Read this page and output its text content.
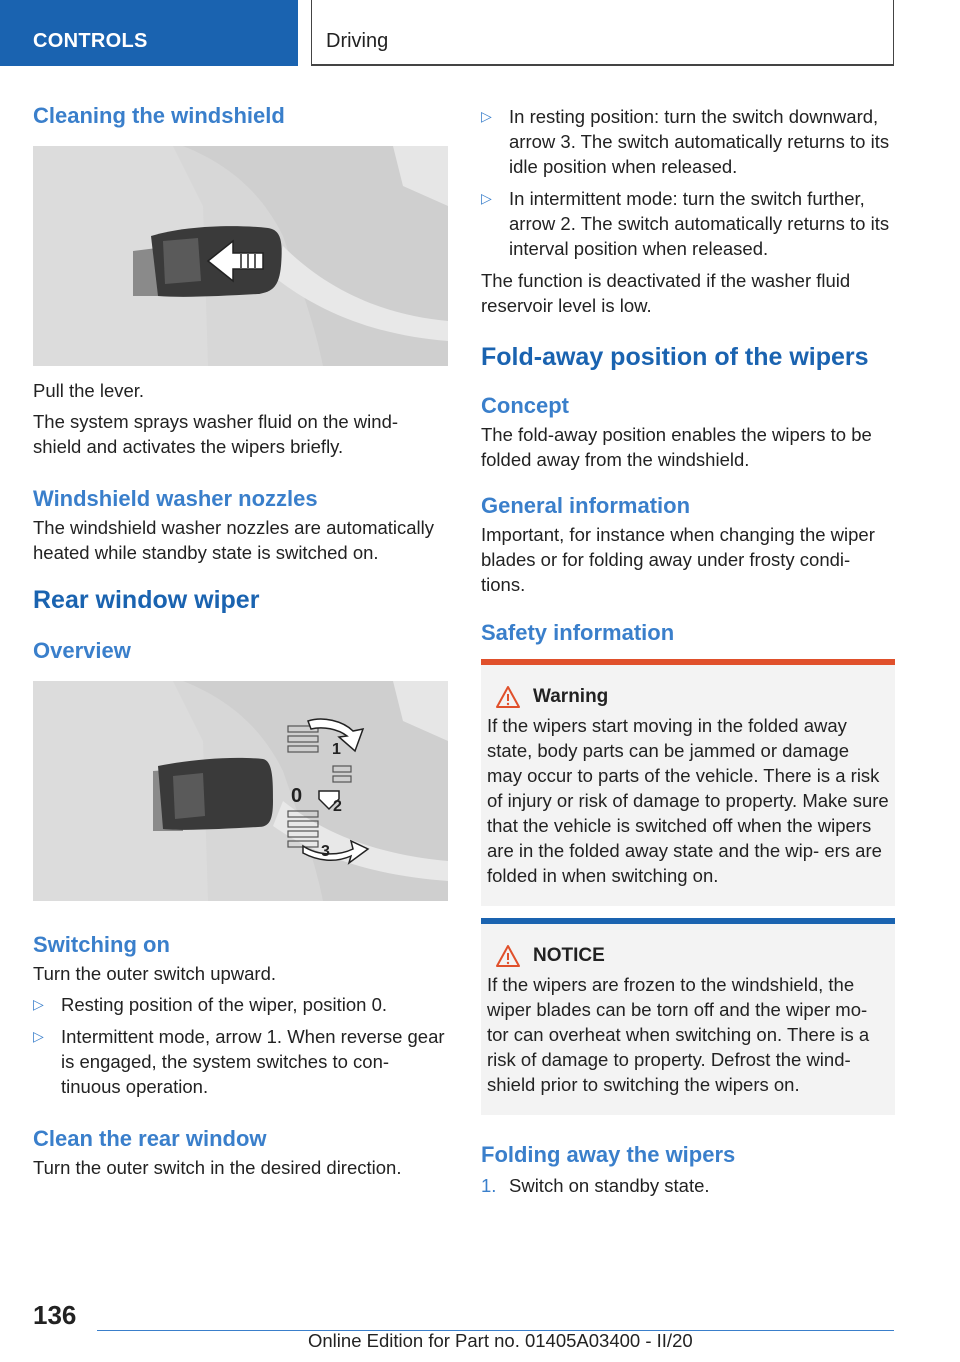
CONTROLS	Driving
Cleaning the windshield

Pull the lever.

The system sprays washer fluid on the wind‐ shield and activates the wipers briefly.

Windshield washer nozzles

The windshield washer nozzles are automatically heated while standby state is switched on.

Rear window wiper
Overview
1
0 2
3
Switching on

Turn the outer switch upward.

▷ Resting position of the wiper, position 0.
▷ Intermittent mode, arrow 1. When reverse gear is engaged, the system switches to con‐ tinuous operation.
Clean the rear window

Turn the outer switch in the desired direction.

▷ In resting position: turn the switch downward, arrow 3. The switch automatically returns to its idle position when released.
▷ In intermittent mode: turn the switch further, arrow 2. The switch automatically returns to its interval position when released.

The function is deactivated if the washer fluid reservoir level is low.

Fold-away position of the wipers
Concept

The fold-away position enables the wipers to be folded away from the windshield.

General information

Important, for instance when changing the wiper blades or for folding away under frosty condi‐ tions.

Safety information
Warning

If the wipers start moving in the folded away state, body parts can be jammed or damage may occur to parts of the vehicle. There is a risk of injury or risk of damage to property. Make sure that the vehicle is switched off when the wipers are in the folded away state and the wip‐ ers are folded in when switching on.

NOTICE

If the wipers are frozen to the windshield, the wiper blades can be torn off and the wiper mo‐ tor can overheat when switching on. There is a risk of damage to property. Defrost the wind‐ shield prior to switching the wipers on.

Folding away the wipers
1. Switch on standby state.
136
Online Edition for Part no. 01405A03400 - II/20
